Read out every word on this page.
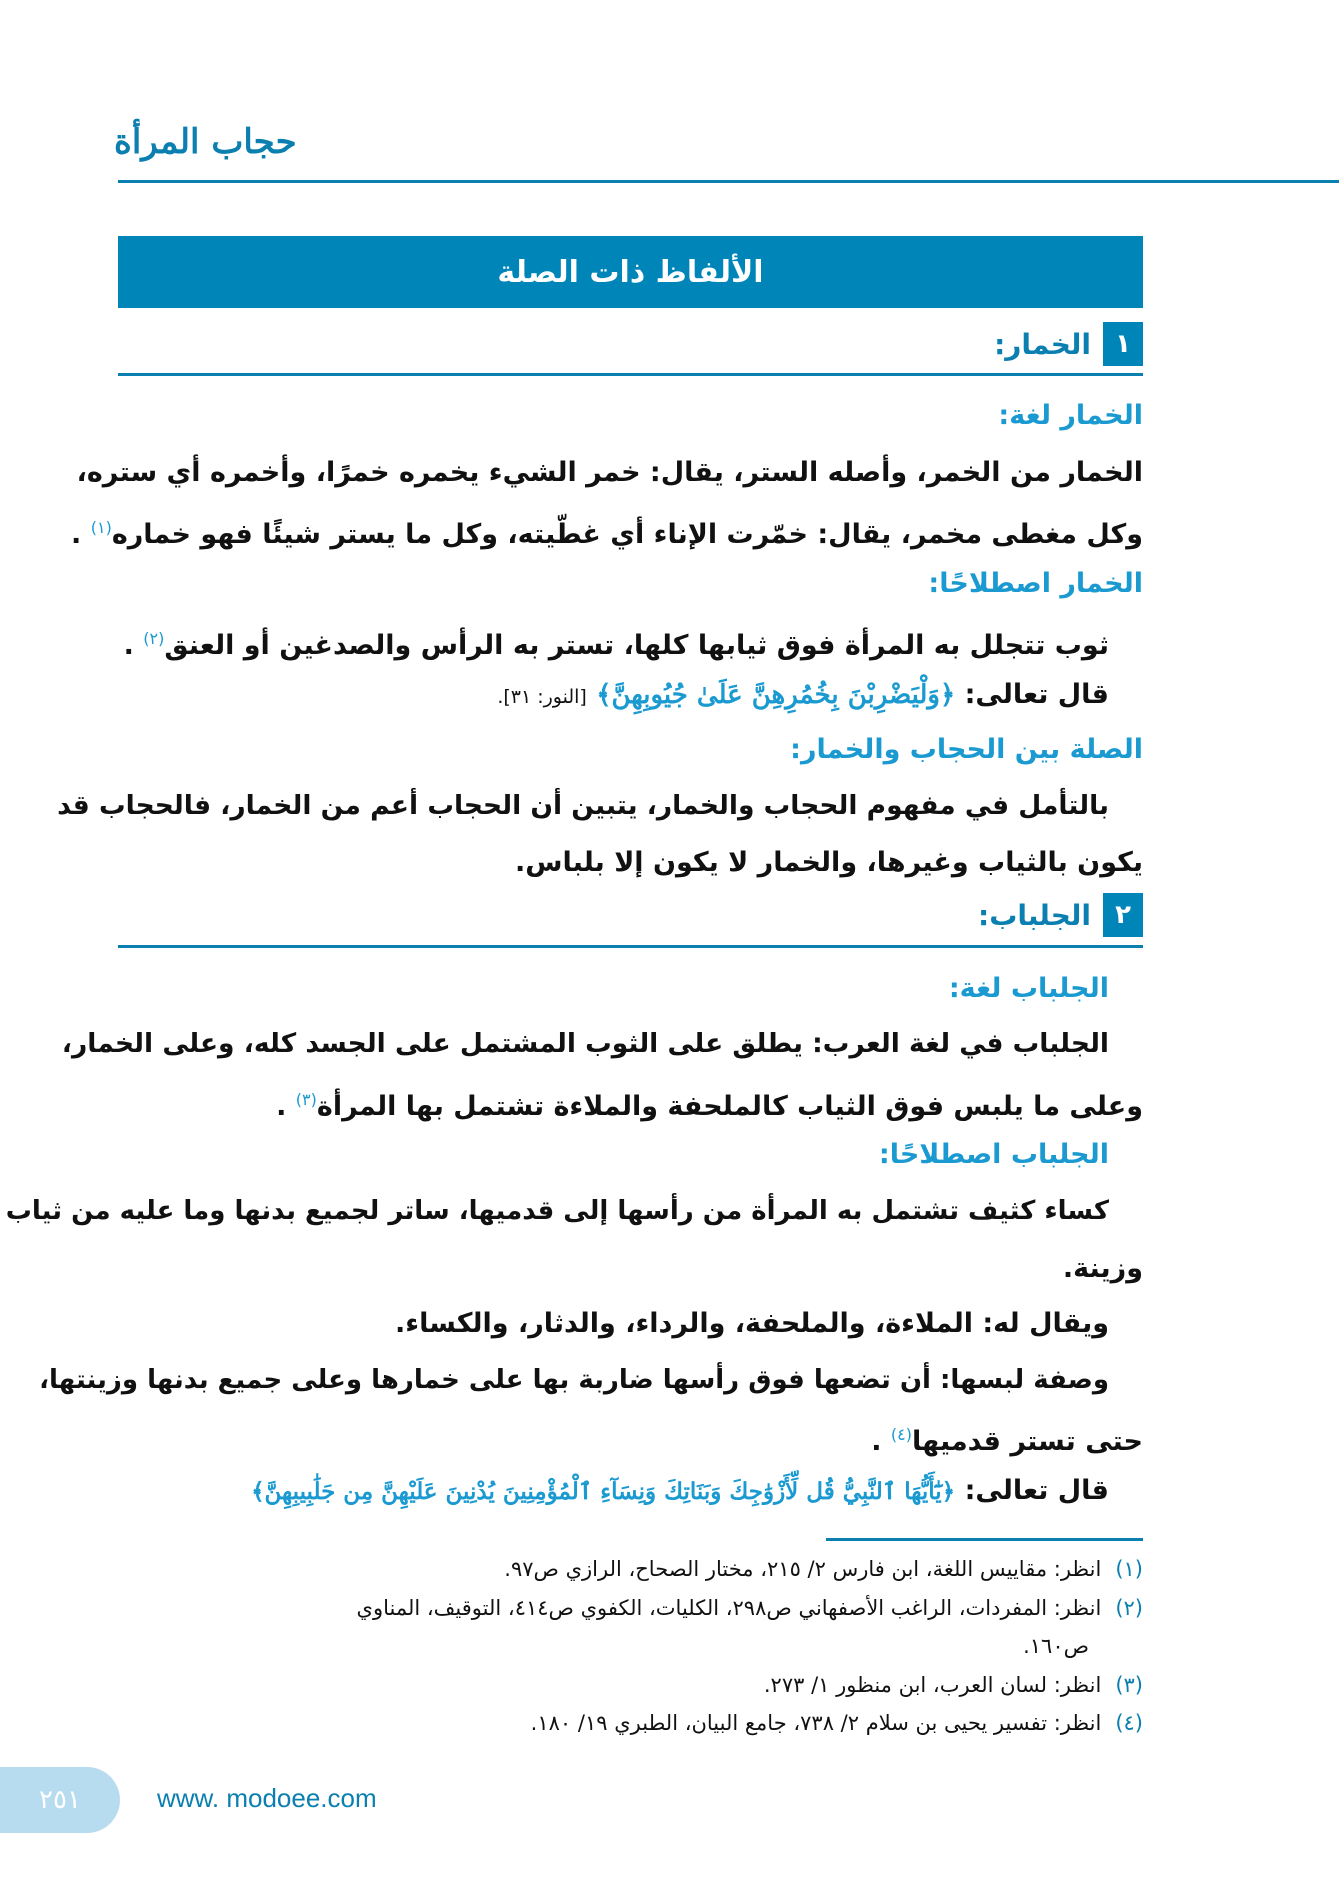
حجاب المرأة
الألفاظ ذات الصلة
١
الخمار:
الخمار لغة:
الخمار من الخمر، وأصله الستر، يقال: خمر الشيء يخمره خمرًا، وأخمره أي ستره،
وكل مغطى مخمر، يقال: خمّرت الإناء أي غطّيته، وكل ما يستر شيئًا فهو خماره$^{(١)}$ .
الخمار اصطلاحًا:
ثوب تتجلل به المرأة فوق ثيابها كلها، تستر به الرأس والصدغين أو العنق$^{(٢)}$ .
قال تعالى: ﴿وَلْيَضْرِبْنَ بِخُمُرِهِنَّ عَلَىٰ جُيُوبِهِنَّ﴾ [النور: ٣١].
الصلة بين الحجاب والخمار:
بالتأمل في مفهوم الحجاب والخمار، يتبين أن الحجاب أعم من الخمار، فالحجاب قد
يكون بالثياب وغيرها، والخمار لا يكون إلا بلباس.
٢
الجلباب:
الجلباب لغة:
الجلباب في لغة العرب: يطلق على الثوب المشتمل على الجسد كله، وعلى الخمار،
وعلى ما يلبس فوق الثياب كالملحفة والملاءة تشتمل بها المرأة$^{(٣)}$ .
الجلباب اصطلاحًا:
كساء كثيف تشتمل به المرأة من رأسها إلى قدميها، ساتر لجميع بدنها وما عليه من ثياب
وزينة.
ويقال له: الملاءة، والملحفة، والرداء، والدثار، والكساء.
وصفة لبسها: أن تضعها فوق رأسها ضاربة بها على خمارها وعلى جميع بدنها وزينتها،
حتى تستر قدميها$^{(٤)}$ .
قال تعالى: ﴿يَٰٓأَيُّهَا ٱلنَّبِيُّ قُل لِّأَزْوَٰجِكَ وَبَنَاتِكَ وَنِسَآءِ ٱلْمُؤْمِنِينَ يُدْنِينَ عَلَيْهِنَّ مِن جَلَٰبِيبِهِنَّ﴾
(١)انظر: مقاييس اللغة، ابن فارس ٢/ ٢١٥، مختار الصحاح، الرازي ص٩٧.
(٢)انظر: المفردات، الراغب الأصفهاني ص٢٩٨، الكليات، الكفوي ص٤١٤، التوقيف، المناوي
ص١٦٠.
(٣)انظر: لسان العرب، ابن منظور ١/ ٢٧٣.
(٤)انظر: تفسير يحيى بن سلام ٢/ ٧٣٨، جامع البيان، الطبري ١٩/ ١٨٠.
٢٥١	www. modoee.com
